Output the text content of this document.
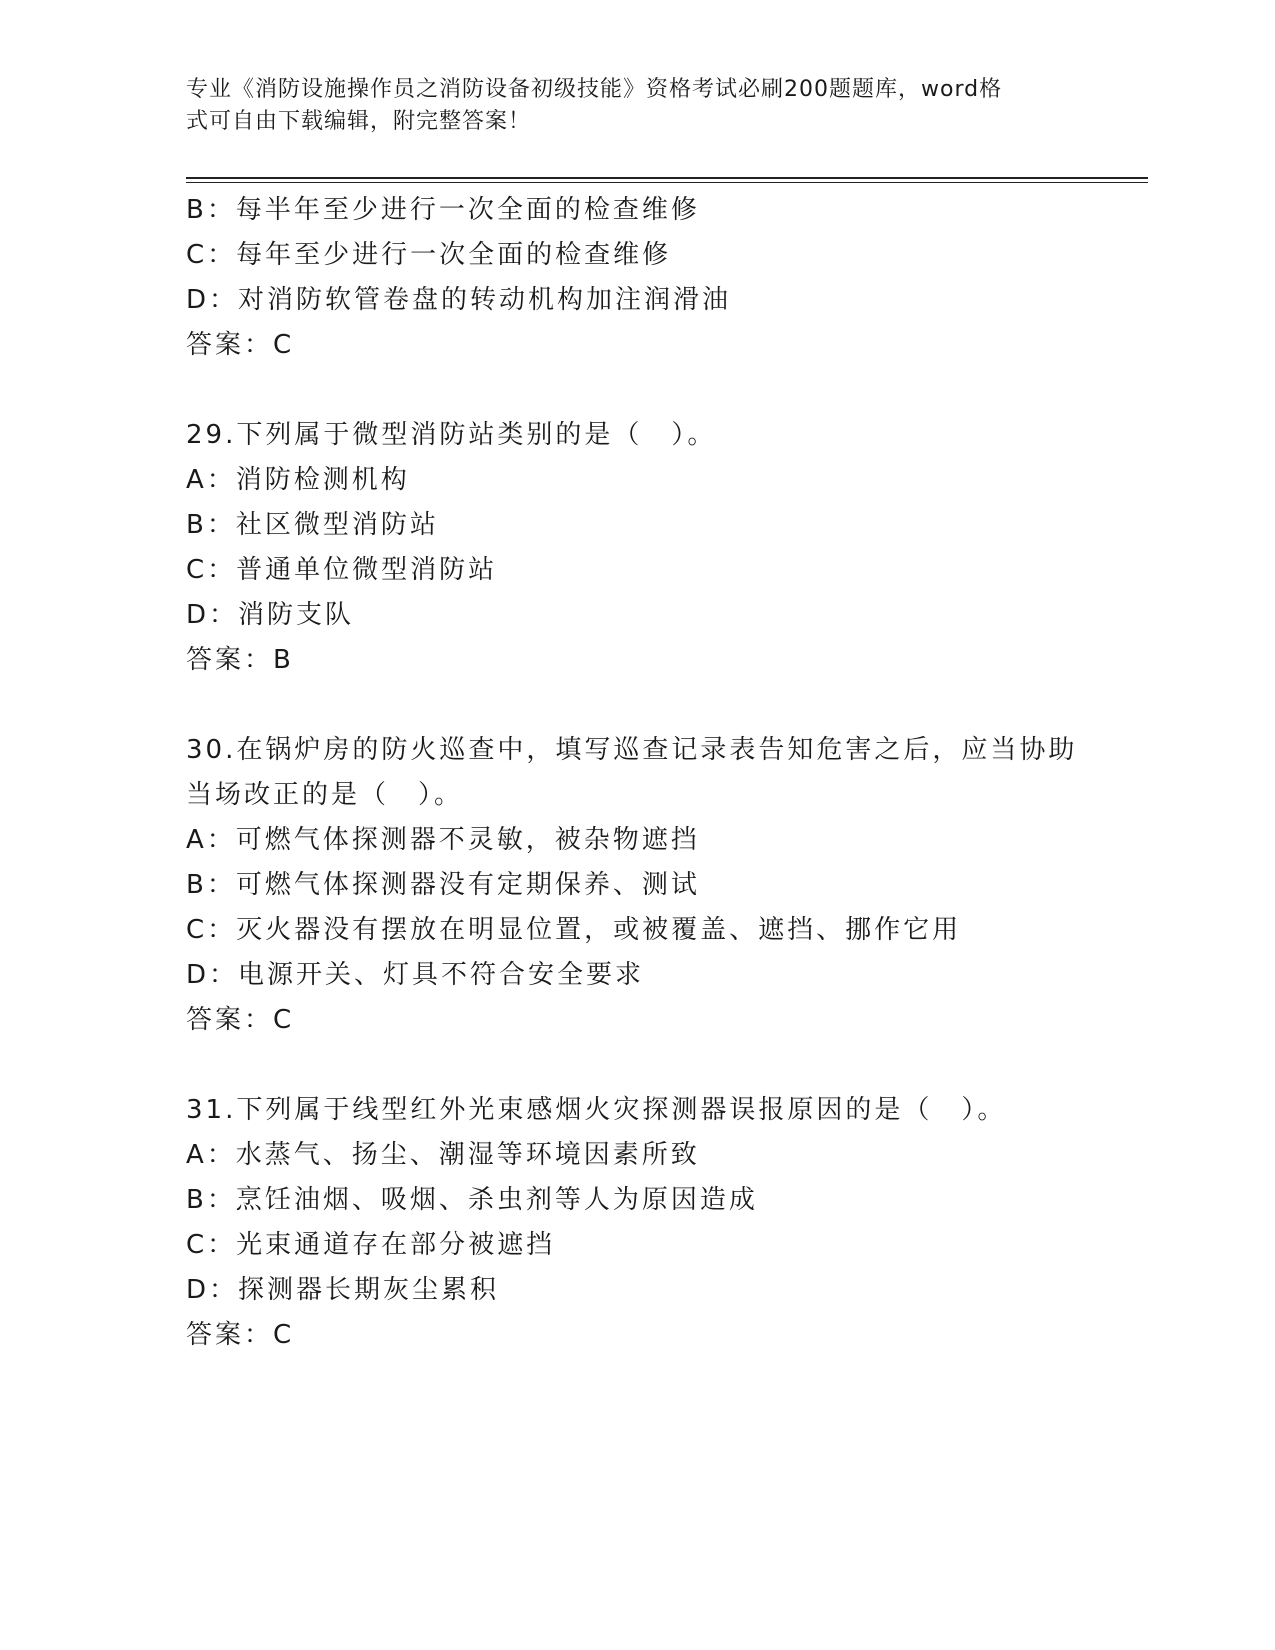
专业《消防设施操作员之消防设备初级技能》资格考试必刷200题题库，word格
式可自由下载编辑，附完整答案！
B：每半年至少进行一次全面的检查维修
C：每年至少进行一次全面的检查维修
D：对消防软管卷盘的转动机构加注润滑油
答案：C
29.下列属于微型消防站类别的是（　）。
A：消防检测机构
B：社区微型消防站
C：普通单位微型消防站
D：消防支队
答案：B
30.在锅炉房的防火巡查中，填写巡查记录表告知危害之后，应当协助
当场改正的是（　）。
A：可燃气体探测器不灵敏，被杂物遮挡
B：可燃气体探测器没有定期保养、测试
C：灭火器没有摆放在明显位置，或被覆盖、遮挡、挪作它用
D：电源开关、灯具不符合安全要求
答案：C
31.下列属于线型红外光束感烟火灾探测器误报原因的是（　）。
A：水蒸气、扬尘、潮湿等环境因素所致
B：烹饪油烟、吸烟、杀虫剂等人为原因造成
C：光束通道存在部分被遮挡
D：探测器长期灰尘累积
答案：C
